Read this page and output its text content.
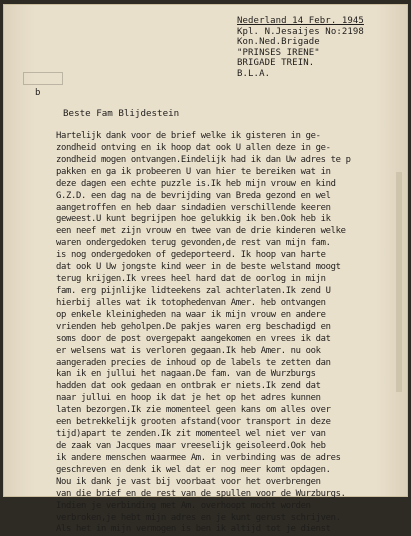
Nederland 14 Febr. 1945
Kpl. N.Jesaijes No:2198
Kon.Ned.Brigade
"PRINSES IRENE"
BRIGADE TREIN.
B.L.A.
b
Beste Fam Blijdestein
Hartelijk dank voor de brief welke ik gisteren in ge-
zondheid ontving en ik hoop dat ook U allen deze in ge-
zondheid mogen ontvangen.Eindelijk had ik dan Uw adres te p
pakken en ga ik probeeren U van hier te bereiken wat in
deze dagen een echte puzzle is.Ik heb mijn vrouw en kind
G.Z.D. een dag na de bevrijding van Breda gezond en wel
aangetroffen en heb daar sindadien verschillende keeren
geweest.U kunt begrijpen hoe gelukkig ik ben.Ook heb ik
een neef met zijn vrouw en twee van de drie kinderen welke
waren ondergedoken terug gevonden,de rest van mijn fam.
is nog ondergedoken of gedeporteerd. Ik hoop van harte
dat ook U Uw jongste kind weer in de beste welstand moogt
terug krijgen.Ik vrees heel hard dat de oorlog in mijn
fam. erg pijnlijke lidteekens zal achterlaten.Ik zend U
hierbij alles wat ik totophedenvan Amer. heb ontvangen
op enkele kleinigheden na waar ik mijn vrouw en andere
vrienden heb geholpen.De pakjes waren erg beschadigd en
soms door de post overgepakt aangekomen en vrees ik dat
er welsens wat is verloren gegaan.Ik heb Amer. nu ook
aangeraden precies de inhoud op de labels te zetten dan
kan ik en jullui het nagaan.De fam. van de Wurzburgs
hadden dat ook gedaan en ontbrak er niets.Ik zend dat
naar jullui en hoop ik dat je het op het adres kunnen
laten bezorgen.Ik zie momenteel geen kans om alles over
een betrekkelijk grooten afstand(voor transport in deze
tijd)apart te zenden.Ik zit momenteel wel niet ver van
de zaak van Jacques maar vreeselijk geisoleerd.Ook heb
ik andere menschen waarmee Am. in verbinding was de adres
geschreven en denk ik wel dat er nog meer komt opdagen.
Nou ik dank je vast bij voorbaat voor het overbrengen
van die brief en de rest van de spullen voor de Wurzburgs.
Indien je verbinding met Am. overhoopt mocht worden
verbroken,je hebt mijn adres en je kunt gerust schrijven.
Als het in mijn vermogen is ben ik altijd tot je dienst
